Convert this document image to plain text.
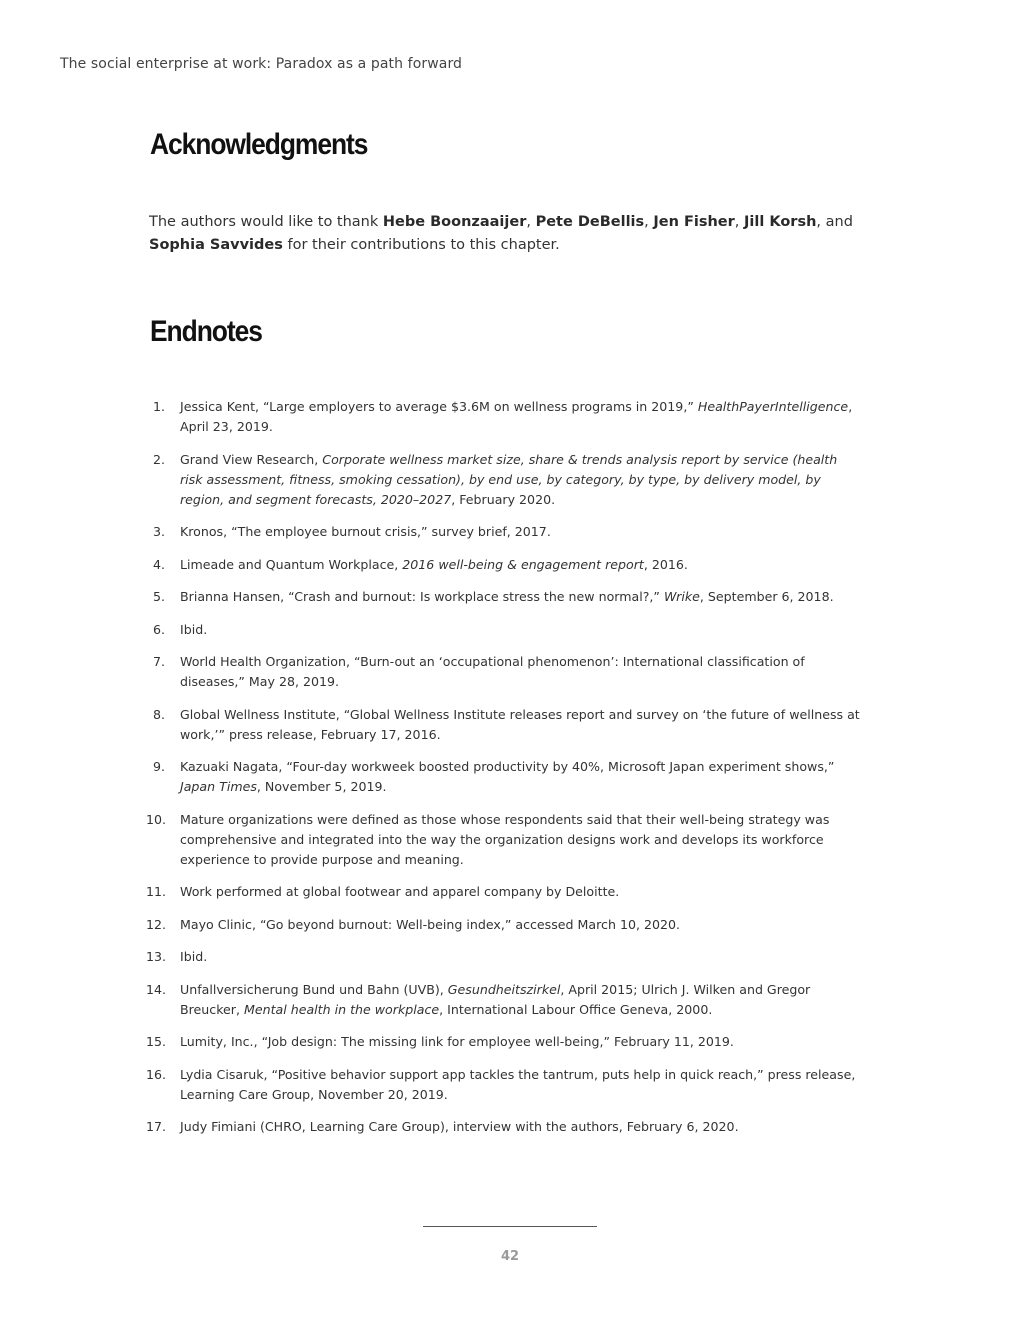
The social enterprise at work: Paradox as a path forward
Acknowledgments

The authors would like to thank Hebe Boonzaaijer, Pete DeBellis, Jen Fisher, Jill Korsh, and Sophia Savvides for their contributions to this chapter.

Endnotes
1. Jessica Kent, “Large employers to average $3.6M on wellness programs in 2019,” HealthPayerIntelligence, April 23, 2019.
2. Grand View Research, Corporate wellness market size, share & trends analysis report by service (health risk assessment, fitness, smoking cessation), by end use, by category, by type, by delivery model, by region, and segment forecasts, 2020–2027, February 2020.
3. Kronos, “The employee burnout crisis,” survey brief, 2017.
4. Limeade and Quantum Workplace, 2016 well-being & engagement report, 2016.
5. Brianna Hansen, “Crash and burnout: Is workplace stress the new normal?,” Wrike, September 6, 2018.
6. Ibid.
7. World Health Organization, “Burn-out an ‘occupational phenomenon’: International classification of diseases,” May 28, 2019.
8. Global Wellness Institute, “Global Wellness Institute releases report and survey on ‘the future of wellness at work,’” press release, February 17, 2016.
9. Kazuaki Nagata, “Four-day workweek boosted productivity by 40%, Microsoft Japan experiment shows,” Japan Times, November 5, 2019.
10. Mature organizations were defined as those whose respondents said that their well-being strategy was comprehensive and integrated into the way the organization designs work and develops its workforce experience to provide purpose and meaning.
11. Work performed at global footwear and apparel company by Deloitte.
12. Mayo Clinic, “Go beyond burnout: Well-being index,” accessed March 10, 2020.
13. Ibid.
14. Unfallversicherung Bund und Bahn (UVB), Gesundheitszirkel, April 2015; Ulrich J. Wilken and Gregor Breucker, Mental health in the workplace, International Labour Office Geneva, 2000.
15. Lumity, Inc., “Job design: The missing link for employee well-being,” February 11, 2019.
16. Lydia Cisaruk, “Positive behavior support app tackles the tantrum, puts help in quick reach,” press release, Learning Care Group, November 20, 2019.
17. Judy Fimiani (CHRO, Learning Care Group), interview with the authors, February 6, 2020.
42
